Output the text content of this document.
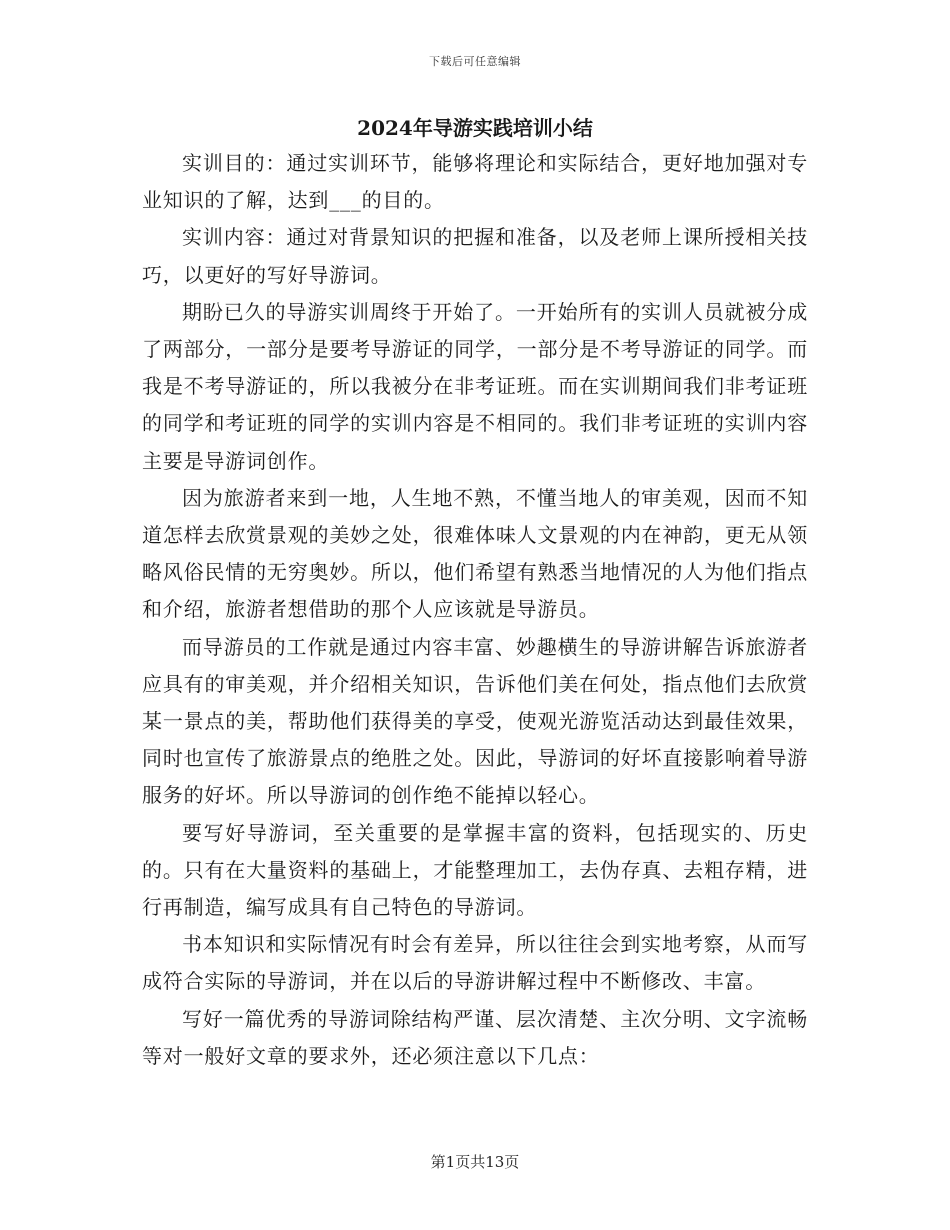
下载后可任意编辑
2024年导游实践培训小结

实训目的：通过实训环节，能够将理论和实际结合，更好地加强对专业知识的了解，达到___的目的。

实训内容：通过对背景知识的把握和准备，以及老师上课所授相关技巧，以更好的写好导游词。

期盼已久的导游实训周终于开始了。一开始所有的实训人员就被分成了两部分，一部分是要考导游证的同学，一部分是不考导游证的同学。而我是不考导游证的，所以我被分在非考证班。而在实训期间我们非考证班的同学和考证班的同学的实训内容是不相同的。我们非考证班的实训内容主要是导游词创作。

因为旅游者来到一地，人生地不熟，不懂当地人的审美观，因而不知道怎样去欣赏景观的美妙之处，很难体味人文景观的内在神韵，更无从领略风俗民情的无穷奥妙。所以，他们希望有熟悉当地情况的人为他们指点和介绍，旅游者想借助的那个人应该就是导游员。

而导游员的工作就是通过内容丰富、妙趣横生的导游讲解告诉旅游者应具有的审美观，并介绍相关知识，告诉他们美在何处，指点他们去欣赏某一景点的美，帮助他们获得美的享受，使观光游览活动达到最佳效果，同时也宣传了旅游景点的绝胜之处。因此，导游词的好坏直接影响着导游服务的好坏。所以导游词的创作绝不能掉以轻心。

要写好导游词，至关重要的是掌握丰富的资料，包括现实的、历史的。只有在大量资料的基础上，才能整理加工，去伪存真、去粗存精，进行再制造，编写成具有自己特色的导游词。

书本知识和实际情况有时会有差异，所以往往会到实地考察，从而写成符合实际的导游词，并在以后的导游讲解过程中不断修改、丰富。

写好一篇优秀的导游词除结构严谨、层次清楚、主次分明、文字流畅等对一般好文章的要求外，还必须注意以下几点：

第1页共13页
